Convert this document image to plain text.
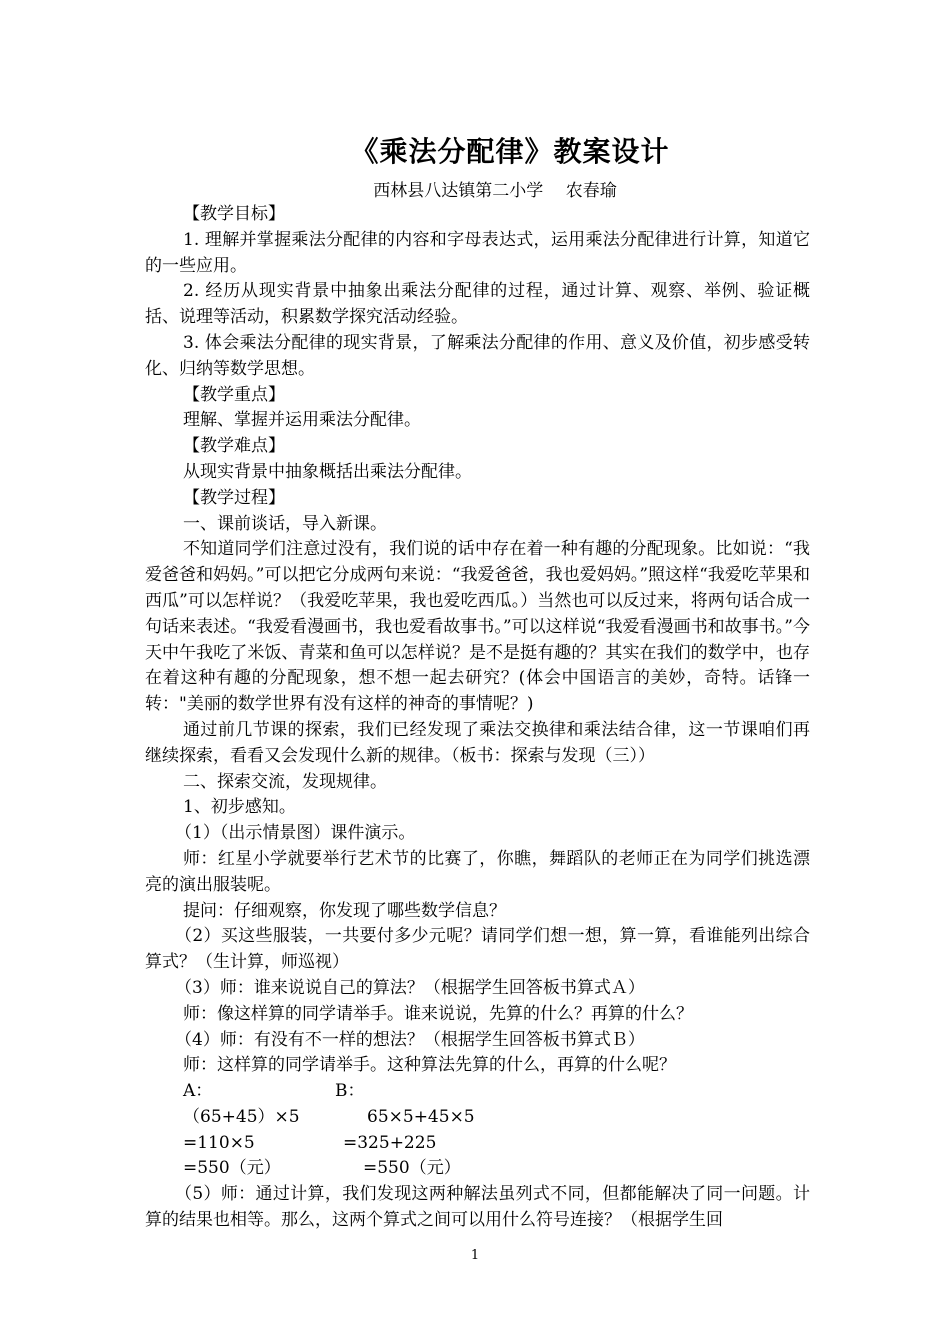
《乘法分配律》教案设计
西林县八达镇第二小学　 农春瑜

【教学目标】

1. 理解并掌握乘法分配律的内容和字母表达式，运用乘法分配律进行计算，知道它的一些应用。

2. 经历从现实背景中抽象出乘法分配律的过程，通过计算、观察、举例、验证概括、说理等活动，积累数学探究活动经验。

3. 体会乘法分配律的现实背景，了解乘法分配律的作用、意义及价值，初步感受转化、归纳等数学思想。

【教学重点】

理解、掌握并运用乘法分配律。

【教学难点】

从现实背景中抽象概括出乘法分配律。

【教学过程】

一、课前谈话，导入新课。

不知道同学们注意过没有，我们说的话中存在着一种有趣的分配现象。比如说：“我爱爸爸和妈妈。”可以把它分成两句来说：“我爱爸爸，我也爱妈妈。”照这样“我爱吃苹果和西瓜”可以怎样说？（我爱吃苹果，我也爱吃西瓜。）当然也可以反过来，将两句话合成一句话来表述。“我爱看漫画书，我也爱看故事书。”可以这样说“我爱看漫画书和故事书。”今天中午我吃了米饭、青菜和鱼可以怎样说？是不是挺有趣的？其实在我们的数学中，也存在着这种有趣的分配现象，想不想一起去研究？(体会中国语言的美妙，奇特。话锋一转："美丽的数学世界有没有这样的神奇的事情呢？)

通过前几节课的探索，我们已经发现了乘法交换律和乘法结合律，这一节课咱们再继续探索，看看又会发现什么新的规律。（板书：探索与发现（三））

二、探索交流，发现规律。

1、初步感知。

（1）（出示情景图）课件演示。

师：红星小学就要举行艺术节的比赛了，你瞧，舞蹈队的老师正在为同学们挑选漂亮的演出服装呢。

提问：仔细观察，你发现了哪些数学信息？

（2）买这些服装，一共要付多少元呢？请同学们想一想，算一算，看谁能列出综合算式？（生计算，师巡视）

（3）师：谁来说说自己的算法？（根据学生回答板书算式Ａ）

师：像这样算的同学请举手。谁来说说，先算的什么？再算的什么？

（4）师：有没有不一样的想法？（根据学生回答板书算式Ｂ）

师：这样算的同学请举手。这种算法先算的什么，再算的什么呢？

A：	B：
（65+45）×5	65×5+45×5
=110×5	=325+225
=550（元）	=550（元）

（5）师：通过计算，我们发现这两种解法虽列式不同，但都能解决了同一问题。计算的结果也相等。那么，这两个算式之间可以用什么符号连接？（根据学生回

1
